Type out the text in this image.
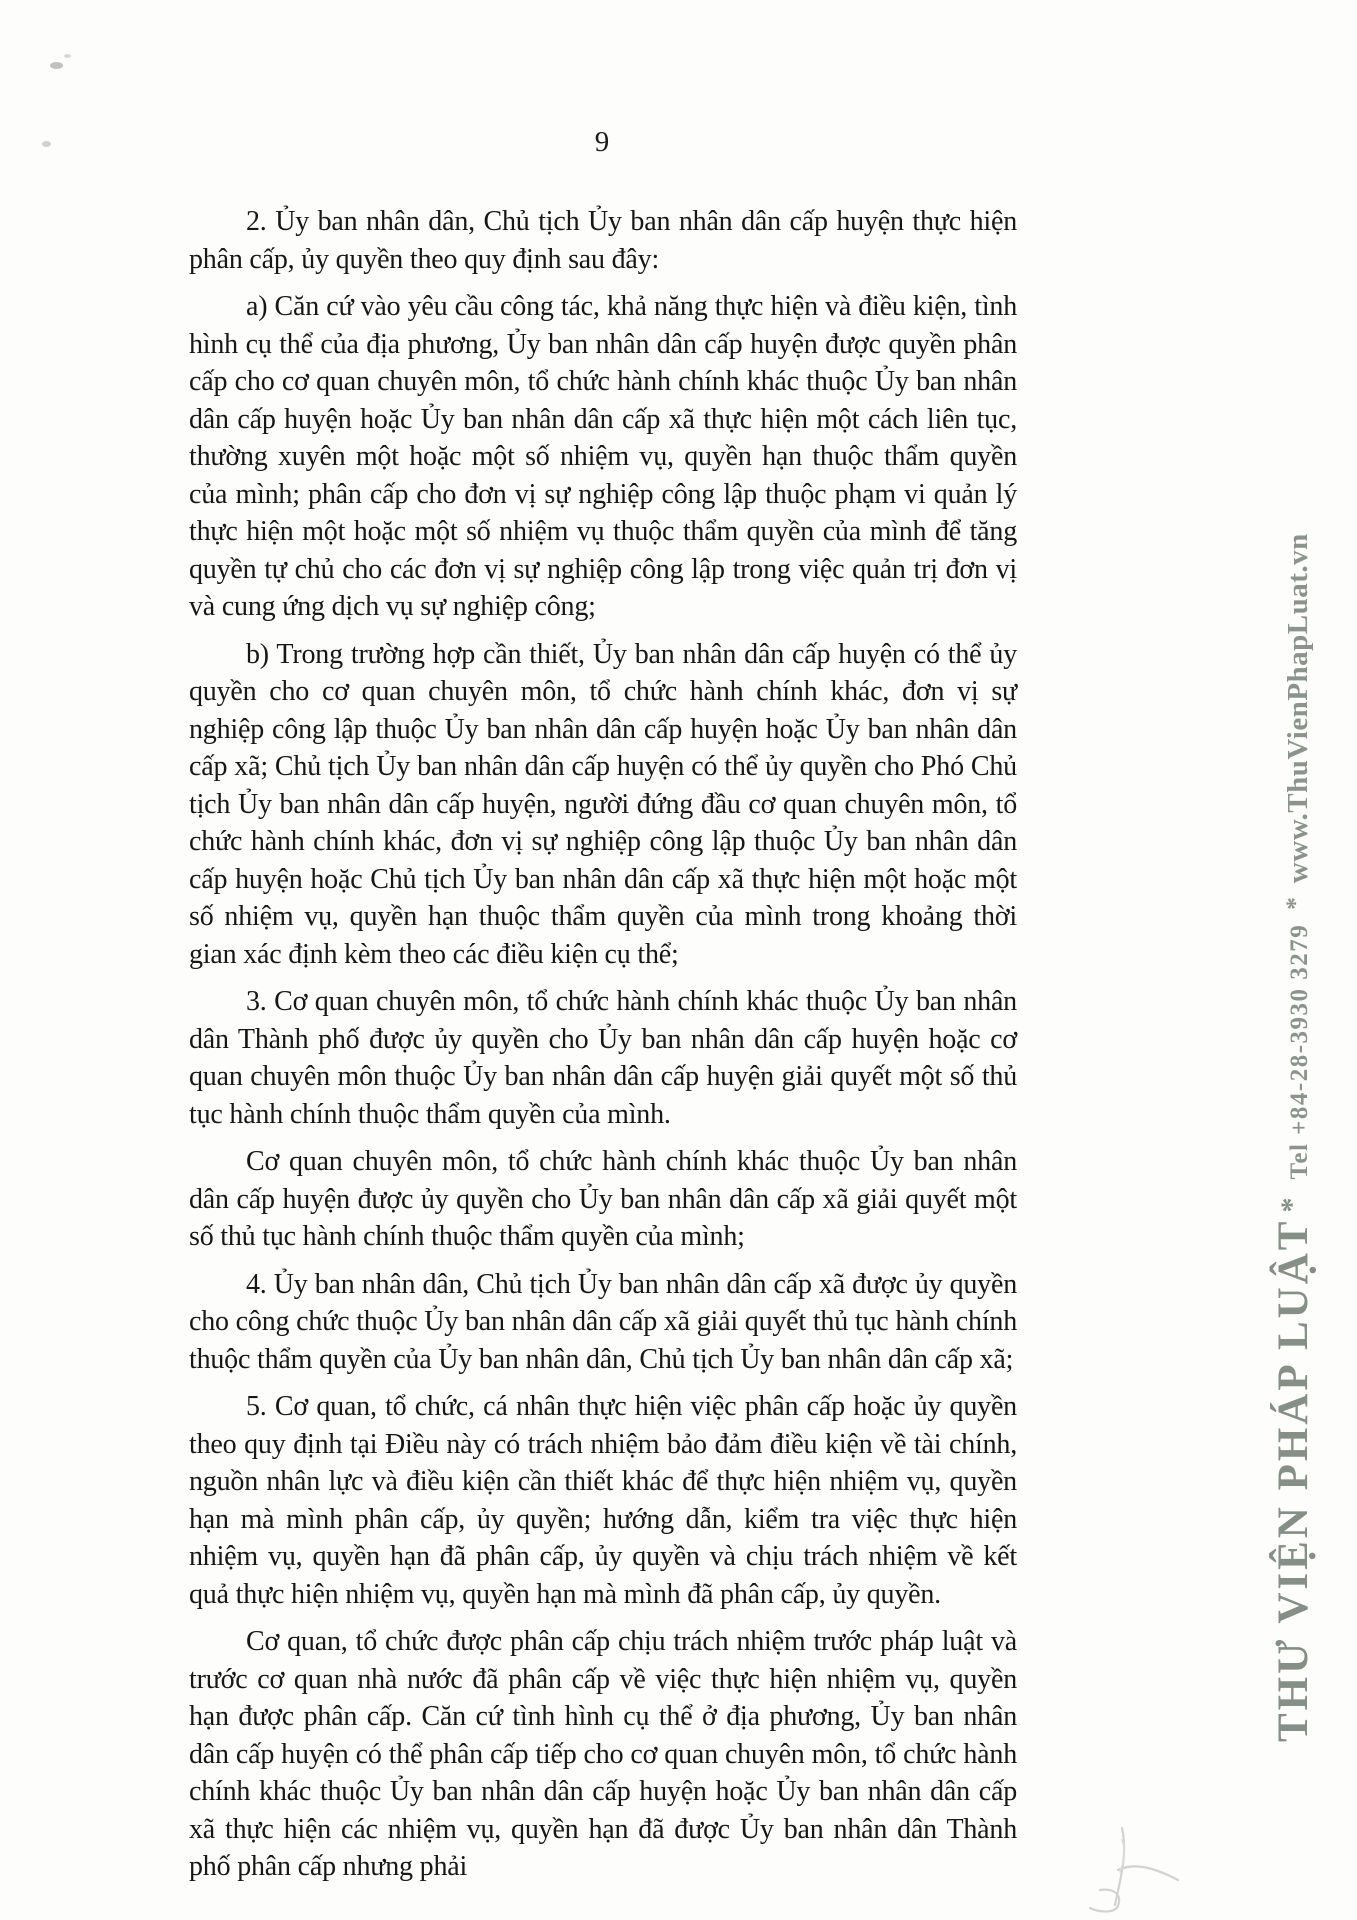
9

2. Ủy ban nhân dân, Chủ tịch Ủy ban nhân dân cấp huyện thực hiện phân cấp, ủy quyền theo quy định sau đây:

a) Căn cứ vào yêu cầu công tác, khả năng thực hiện và điều kiện, tình hình cụ thể của địa phương, Ủy ban nhân dân cấp huyện được quyền phân cấp cho cơ quan chuyên môn, tổ chức hành chính khác thuộc Ủy ban nhân dân cấp huyện hoặc Ủy ban nhân dân cấp xã thực hiện một cách liên tục, thường xuyên một hoặc một số nhiệm vụ, quyền hạn thuộc thẩm quyền của mình; phân cấp cho đơn vị sự nghiệp công lập thuộc phạm vi quản lý thực hiện một hoặc một số nhiệm vụ thuộc thẩm quyền của mình để tăng quyền tự chủ cho các đơn vị sự nghiệp công lập trong việc quản trị đơn vị và cung ứng dịch vụ sự nghiệp công;

b) Trong trường hợp cần thiết, Ủy ban nhân dân cấp huyện có thể ủy quyền cho cơ quan chuyên môn, tổ chức hành chính khác, đơn vị sự nghiệp công lập thuộc Ủy ban nhân dân cấp huyện hoặc Ủy ban nhân dân cấp xã; Chủ tịch Ủy ban nhân dân cấp huyện có thể ủy quyền cho Phó Chủ tịch Ủy ban nhân dân cấp huyện, người đứng đầu cơ quan chuyên môn, tổ chức hành chính khác, đơn vị sự nghiệp công lập thuộc Ủy ban nhân dân cấp huyện hoặc Chủ tịch Ủy ban nhân dân cấp xã thực hiện một hoặc một số nhiệm vụ, quyền hạn thuộc thẩm quyền của mình trong khoảng thời gian xác định kèm theo các điều kiện cụ thể;

3. Cơ quan chuyên môn, tổ chức hành chính khác thuộc Ủy ban nhân dân Thành phố được ủy quyền cho Ủy ban nhân dân cấp huyện hoặc cơ quan chuyên môn thuộc Ủy ban nhân dân cấp huyện giải quyết một số thủ tục hành chính thuộc thẩm quyền của mình.

Cơ quan chuyên môn, tổ chức hành chính khác thuộc Ủy ban nhân dân cấp huyện được ủy quyền cho Ủy ban nhân dân cấp xã giải quyết một số thủ tục hành chính thuộc thẩm quyền của mình;

4. Ủy ban nhân dân, Chủ tịch Ủy ban nhân dân cấp xã được ủy quyền cho công chức thuộc Ủy ban nhân dân cấp xã giải quyết thủ tục hành chính thuộc thẩm quyền của Ủy ban nhân dân, Chủ tịch Ủy ban nhân dân cấp xã;

5. Cơ quan, tổ chức, cá nhân thực hiện việc phân cấp hoặc ủy quyền theo quy định tại Điều này có trách nhiệm bảo đảm điều kiện về tài chính, nguồn nhân lực và điều kiện cần thiết khác để thực hiện nhiệm vụ, quyền hạn mà mình phân cấp, ủy quyền; hướng dẫn, kiểm tra việc thực hiện nhiệm vụ, quyền hạn đã phân cấp, ủy quyền và chịu trách nhiệm về kết quả thực hiện nhiệm vụ, quyền hạn mà mình đã phân cấp, ủy quyền.

Cơ quan, tổ chức được phân cấp chịu trách nhiệm trước pháp luật và trước cơ quan nhà nước đã phân cấp về việc thực hiện nhiệm vụ, quyền hạn được phân cấp. Căn cứ tình hình cụ thể ở địa phương, Ủy ban nhân dân cấp huyện có thể phân cấp tiếp cho cơ quan chuyên môn, tổ chức hành chính khác thuộc Ủy ban nhân dân cấp huyện hoặc Ủy ban nhân dân cấp xã thực hiện các nhiệm vụ, quyền hạn đã được Ủy ban nhân dân Thành phố phân cấp nhưng phải

THƯ VIỆN PHÁP LUẬT*Tel +84-28-3930 3279*www.ThuVienPhapLuat.vn
